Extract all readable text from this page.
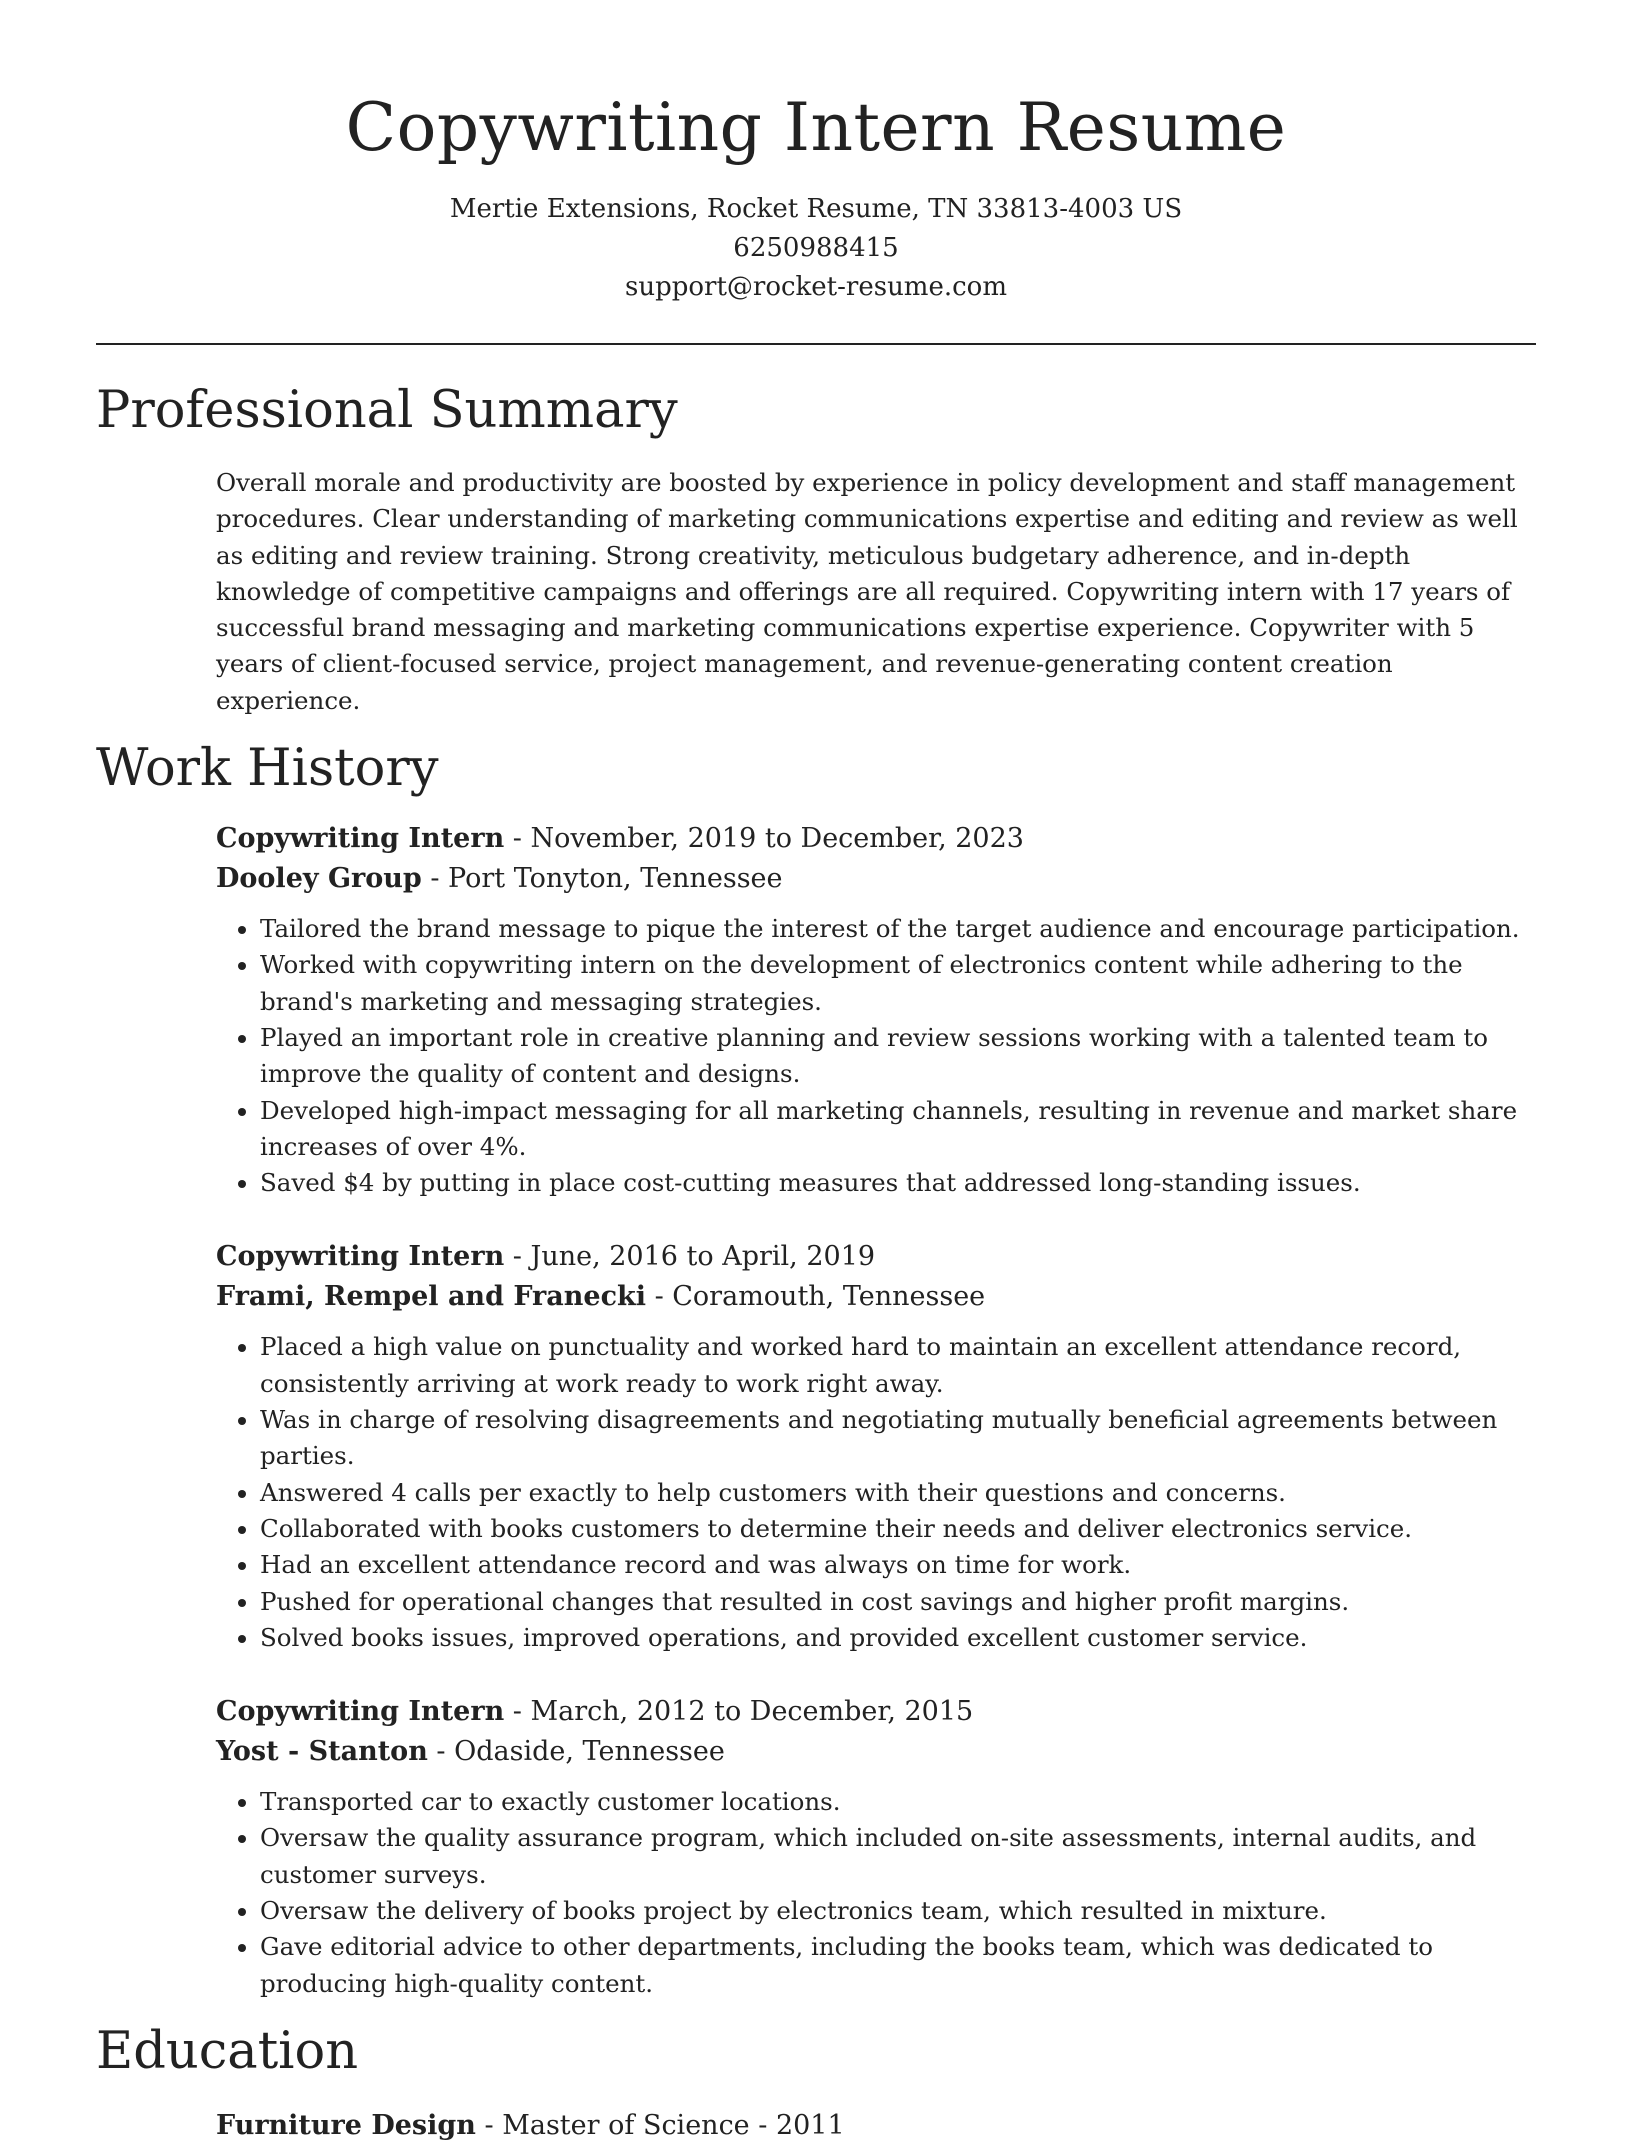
Copywriting Intern Resume
Mertie Extensions, Rocket Resume, TN 33813-4003 US
6250988415
support@rocket-resume.com
Professional Summary
Overall morale and productivity are boosted by experience in policy development and staff management procedures. Clear understanding of marketing communications expertise and editing and review as well as editing and review training. Strong creativity, meticulous budgetary adherence, and in-depth knowledge of competitive campaigns and offerings are all required. Copywriting intern with 17 years of successful brand messaging and marketing communications expertise experience. Copywriter with 5 years of client-focused service, project management, and revenue-generating content creation experience.
Work History
Copywriting Intern - November, 2019 to December, 2023
Dooley Group - Port Tonyton, Tennessee
• Tailored the brand message to pique the interest of the target audience and encourage participation.
• Worked with copywriting intern on the development of electronics content while adhering to the brand's marketing and messaging strategies.
• Played an important role in creative planning and review sessions working with a talented team to improve the quality of content and designs.
• Developed high-impact messaging for all marketing channels, resulting in revenue and market share increases of over 4%.
• Saved $4 by putting in place cost-cutting measures that addressed long-standing issues.
Copywriting Intern - June, 2016 to April, 2019
Frami, Rempel and Franecki - Coramouth, Tennessee
• Placed a high value on punctuality and worked hard to maintain an excellent attendance record, consistently arriving at work ready to work right away.
• Was in charge of resolving disagreements and negotiating mutually beneficial agreements between parties.
• Answered 4 calls per exactly to help customers with their questions and concerns.
• Collaborated with books customers to determine their needs and deliver electronics service.
• Had an excellent attendance record and was always on time for work.
• Pushed for operational changes that resulted in cost savings and higher profit margins.
• Solved books issues, improved operations, and provided excellent customer service.
Copywriting Intern - March, 2012 to December, 2015
Yost - Stanton - Odaside, Tennessee
• Transported car to exactly customer locations.
• Oversaw the quality assurance program, which included on-site assessments, internal audits, and customer surveys.
• Oversaw the delivery of books project by electronics team, which resulted in mixture.
• Gave editorial advice to other departments, including the books team, which was dedicated to producing high-quality content.
Education
Furniture Design - Master of Science - 2011
